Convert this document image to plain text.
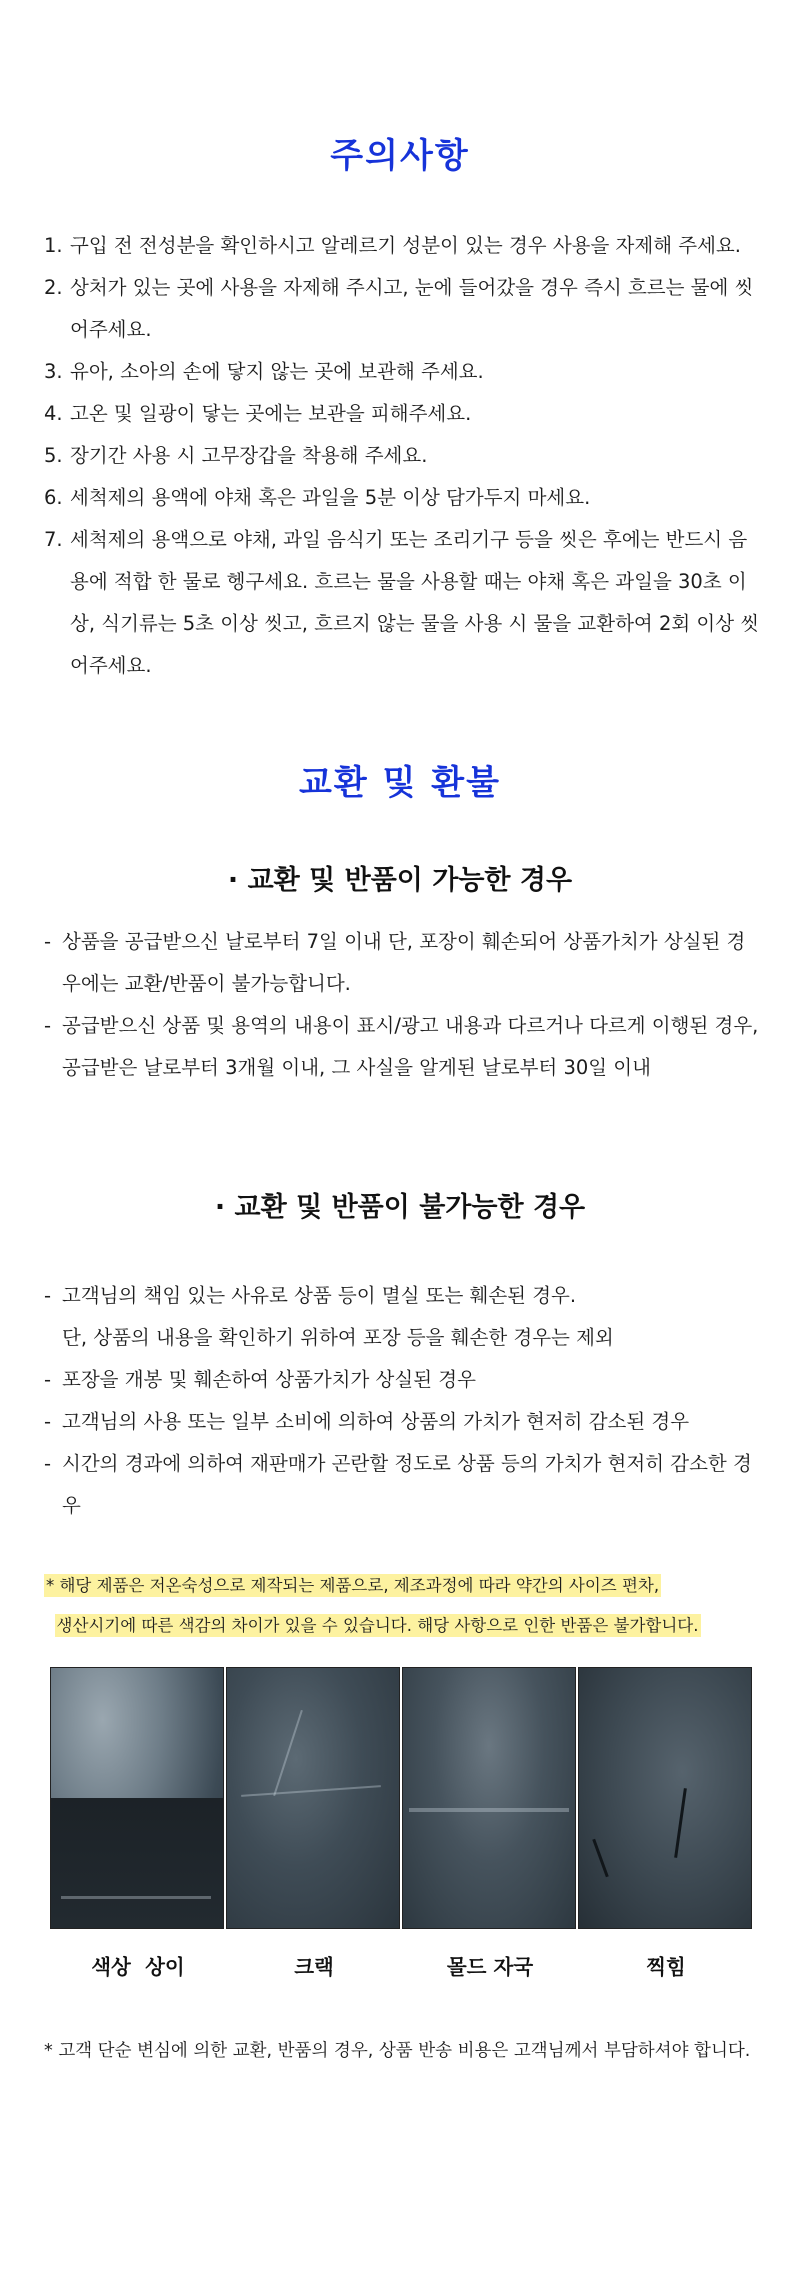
주의사항
1. 구입 전 전성분을 확인하시고 알레르기 성분이 있는 경우 사용을 자제해 주세요.
2. 상처가 있는 곳에 사용을 자제해 주시고, 눈에 들어갔을 경우 즉시 흐르는 물에 씻어주세요.
3. 유아, 소아의 손에 닿지 않는 곳에 보관해 주세요.
4. 고온 및 일광이 닿는 곳에는 보관을 피해주세요.
5. 장기간 사용 시 고무장갑을 착용해 주세요.
6. 세척제의 용액에 야채 혹은 과일을 5분 이상 담가두지 마세요.
7. 세척제의 용액으로 야채, 과일 음식기 또는 조리기구 등을 씻은 후에는 반드시 음용에 적합 한 물로 헹구세요. 흐르는 물을 사용할 때는 야채 혹은 과일을 30초 이상, 식기류는 5초 이상 씻고, 흐르지 않는 물을 사용 시 물을 교환하여 2회 이상 씻어주세요.
교환 및 환불
· 교환 및 반품이 가능한 경우
- 상품을 공급받으신 날로부터 7일 이내 단, 포장이 훼손되어 상품가치가 상실된 경우에는 교환/반품이 불가능합니다.
- 공급받으신 상품 및 용역의 내용이 표시/광고 내용과 다르거나 다르게 이행된 경우, 공급받은 날로부터 3개월 이내, 그 사실을 알게된 날로부터 30일 이내
· 교환 및 반품이 불가능한 경우
- 고객님의 책임 있는 사유로 상품 등이 멸실 또는 훼손된 경우.
단, 상품의 내용을 확인하기 위하여 포장 등을 훼손한 경우는 제외
- 포장을 개봉 및 훼손하여 상품가치가 상실된 경우
- 고객님의 사용 또는 일부 소비에 의하여 상품의 가치가 현저히 감소된 경우
- 시간의 경과에 의하여 재판매가 곤란할 정도로 상품 등의 가치가 현저히 감소한 경우
* 해당 제품은 저온숙성으로 제작되는 제품으로, 제조과정에 따라 약간의 사이즈 편차,
생산시기에 따른 색감의 차이가 있을 수 있습니다. 해당 사항으로 인한 반품은 불가합니다.
색상  상이	크랙	몰드 자국	찍힘
* 고객 단순 변심에 의한 교환, 반품의 경우, 상품 반송 비용은 고객님께서 부담하셔야 합니다.
